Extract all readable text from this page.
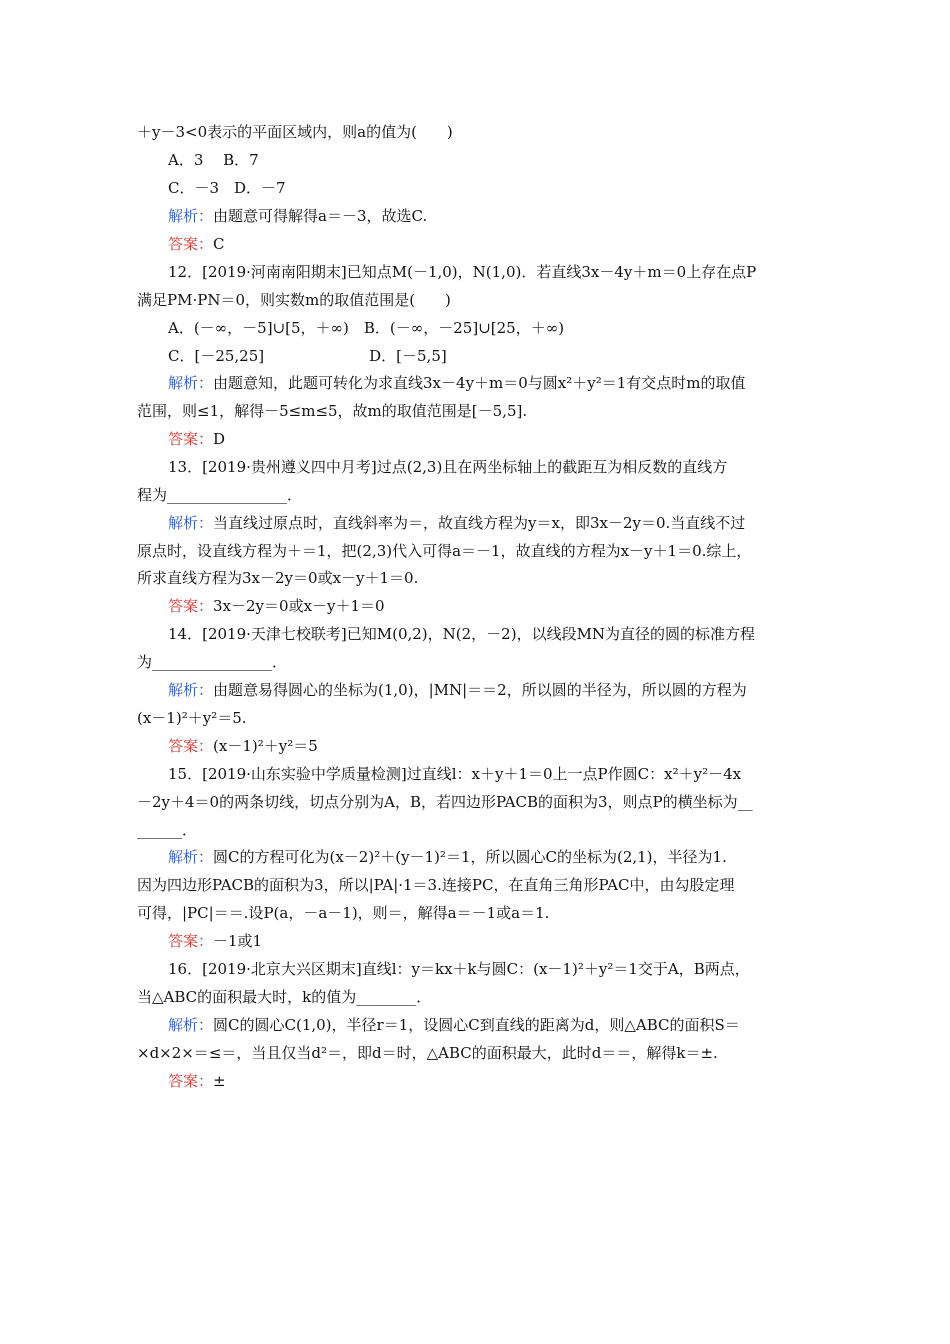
＋y－3<0表示的平面区域内，则a的值为(　　)
A．3　 B．7
C．－3　D．－7
解析：由题意可得解得a＝－3，故选C.
答案：C
12．[2019·河南南阳期末]已知点M(－1,0)，N(1,0)．若直线3x－4y＋m＝0上存在点P
满足PM·PN＝0，则实数m的取值范围是(　　)
A．(－∞，－5]∪[5，＋∞)　B．(－∞，－25]∪[25，＋∞)
C．[－25,25]　　　　　　　D．[－5,5]
解析：由题意知，此题可转化为求直线3x－4y＋m＝0与圆x²＋y²＝1有交点时m的取值
范围，则≤1，解得－5≤m≤5，故m的取值范围是[－5,5].
答案：D
13．[2019·贵州遵义四中月考]过点(2,3)且在两坐标轴上的截距互为相反数的直线方
程为________________．
解析：当直线过原点时，直线斜率为＝，故直线方程为y＝x，即3x－2y＝0.当直线不过
原点时，设直线方程为＋＝1，把(2,3)代入可得a＝－1，故直线的方程为x－y＋1＝0.综上，
所求直线方程为3x－2y＝0或x－y＋1＝0.
答案：3x－2y＝0或x－y＋1＝0
14．[2019·天津七校联考]已知M(0,2)，N(2，－2)，以线段MN为直径的圆的标准方程
为________________．
解析：由题意易得圆心的坐标为(1,0)，|MN|＝＝2，所以圆的半径为，所以圆的方程为
(x－1)²＋y²＝5.
答案：(x－1)²＋y²＝5
15．[2019·山东实验中学质量检测]过直线l：x＋y＋1＝0上一点P作圆C：x²＋y²－4x
－2y＋4＝0的两条切线，切点分别为A，B，若四边形PACB的面积为3，则点P的横坐标为__
______．
解析：圆C的方程可化为(x－2)²＋(y－1)²＝1，所以圆心C的坐标为(2,1)，半径为1.
因为四边形PACB的面积为3，所以|PA|·1＝3.连接PC，在直角三角形PAC中，由勾股定理
可得，|PC|＝＝.设P(a，－a－1)，则＝，解得a＝－1或a＝1.
答案：－1或1
16．[2019·北京大兴区期末]直线l：y＝kx＋k与圆C：(x－1)²＋y²＝1交于A，B两点，
当△ABC的面积最大时，k的值为________．
解析：圆C的圆心C(1,0)，半径r＝1，设圆心C到直线的距离为d，则△ABC的面积S＝
×d×2×＝≤＝，当且仅当d²＝，即d＝时，△ABC的面积最大，此时d＝＝，解得k＝±.
答案：±
